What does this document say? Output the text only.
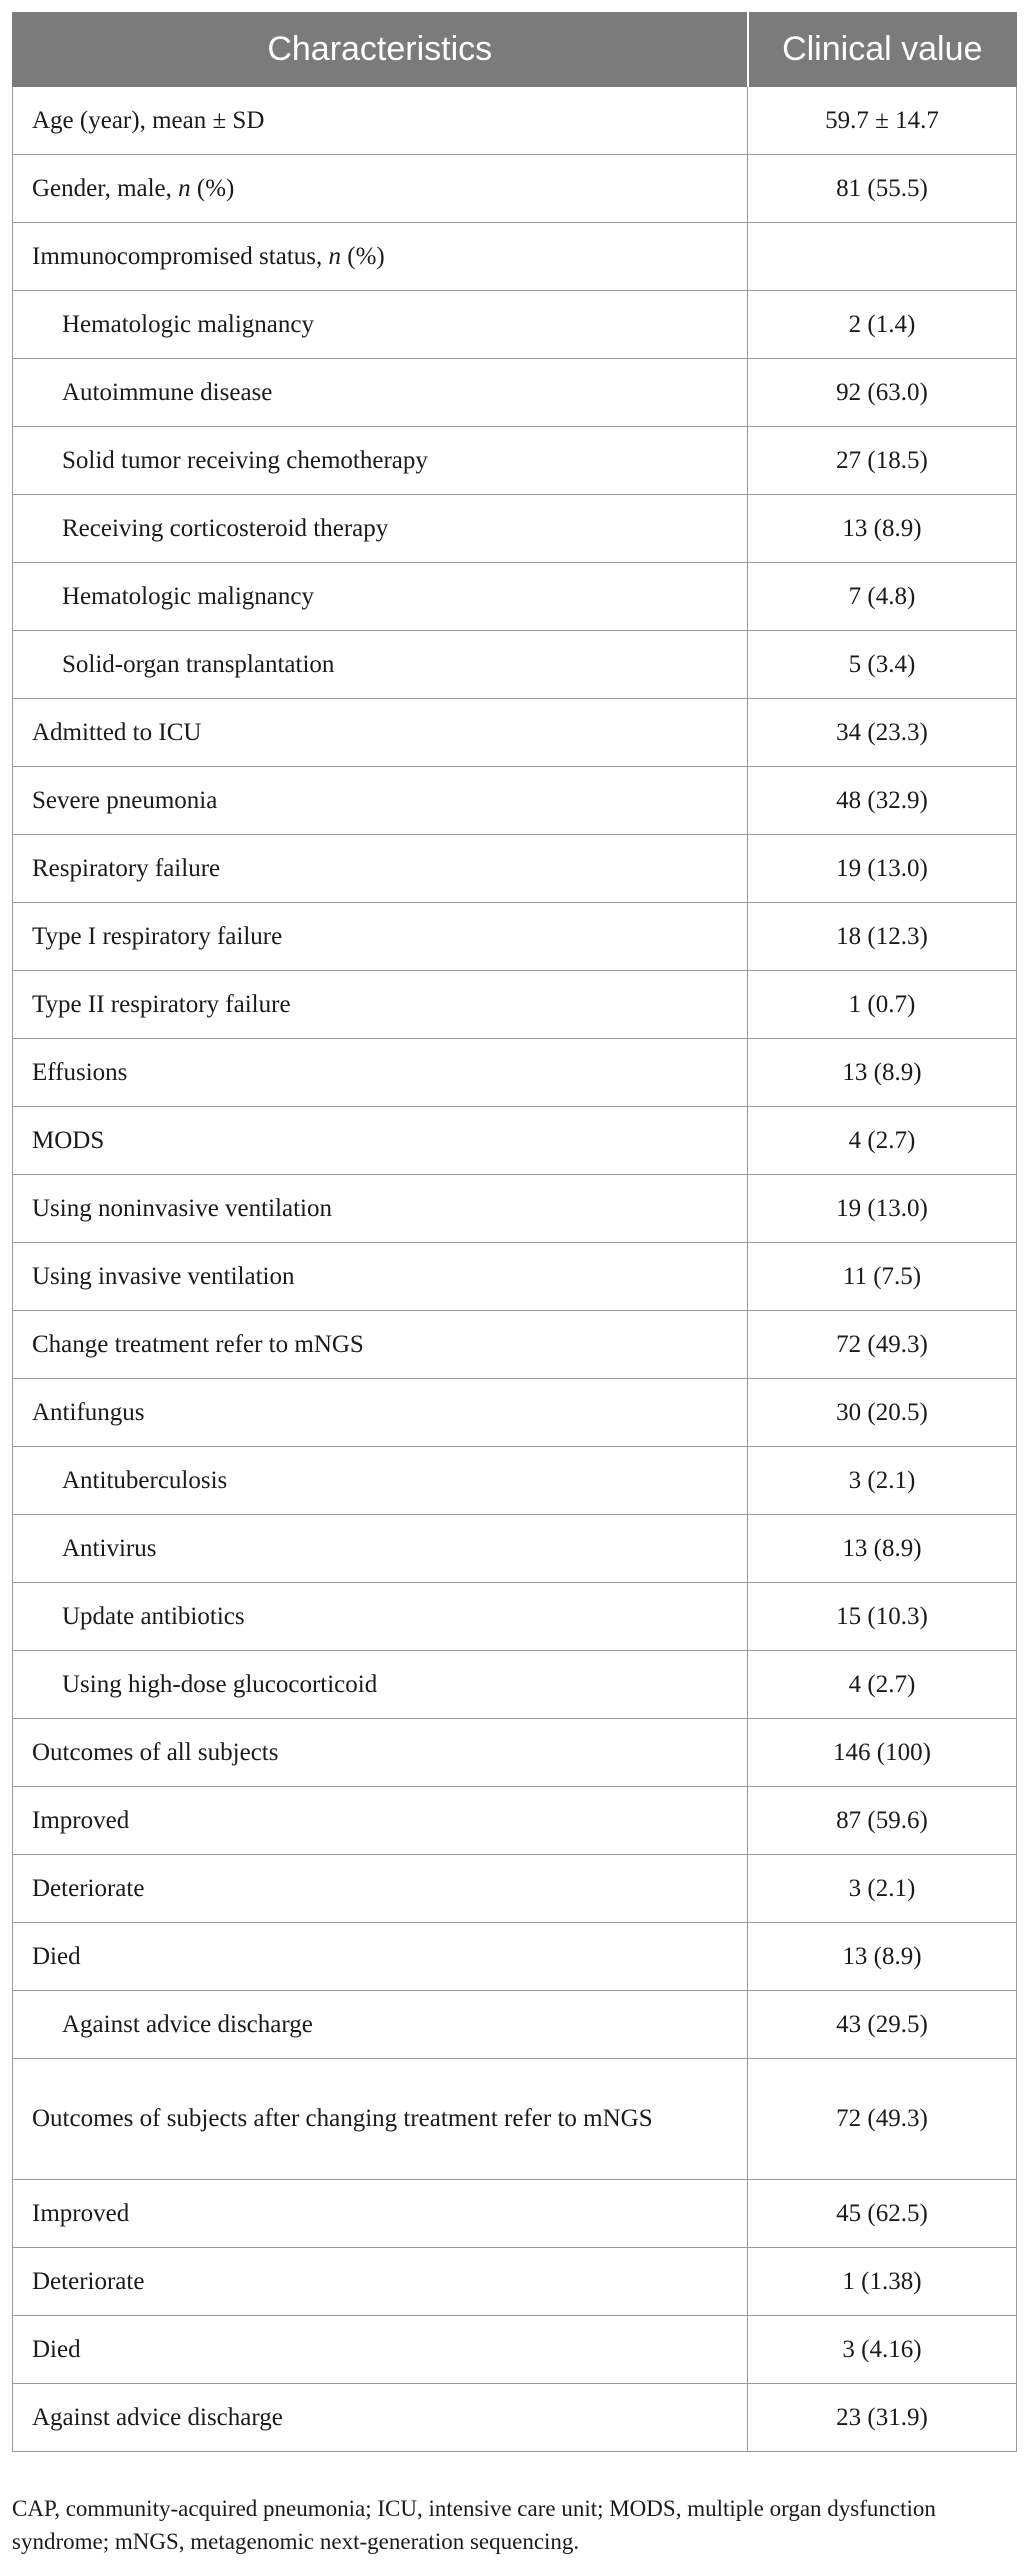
Characteristics	Clinical value
Age (year), mean ± SD	59.7 ± 14.7
Gender, male, n (%)	81 (55.5)
Immunocompromised status, n (%)	
Hematologic malignancy	2 (1.4)
Autoimmune disease	92 (63.0)
Solid tumor receiving chemotherapy	27 (18.5)
Receiving corticosteroid therapy	13 (8.9)
Hematologic malignancy	7 (4.8)
Solid-organ transplantation	5 (3.4)
Admitted to ICU	34 (23.3)
Severe pneumonia	48 (32.9)
Respiratory failure	19 (13.0)
Type I respiratory failure	18 (12.3)
Type II respiratory failure	1 (0.7)
Effusions	13 (8.9)
MODS	4 (2.7)
Using noninvasive ventilation	19 (13.0)
Using invasive ventilation	11 (7.5)
Change treatment refer to mNGS	72 (49.3)
Antifungus	30 (20.5)
Antituberculosis	3 (2.1)
Antivirus	13 (8.9)
Update antibiotics	15 (10.3)
Using high-dose glucocorticoid	4 (2.7)
Outcomes of all subjects	146 (100)
Improved	87 (59.6)
Deteriorate	3 (2.1)
Died	13 (8.9)
Against advice discharge	43 (29.5)
Outcomes of subjects after changing treatment refer to mNGS	72 (49.3)
Improved	45 (62.5)
Deteriorate	1 (1.38)
Died	3 (4.16)
Against advice discharge	23 (31.9)
CAP, community-acquired pneumonia; ICU, intensive care unit; MODS, multiple organ dysfunction syndrome; mNGS, metagenomic next-generation sequencing.
